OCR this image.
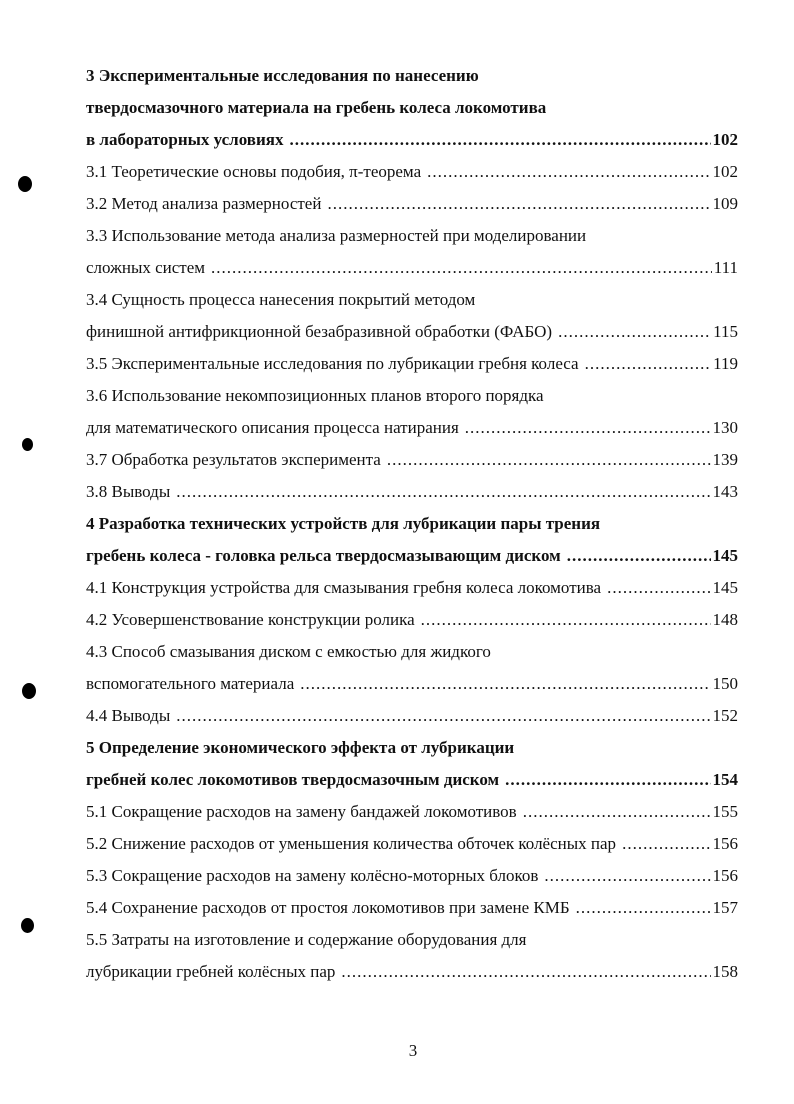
3 Экспериментальные исследования по нанесению
твердосмазочного материала на гребень колеса локомотива
в лабораторных условиях .....	102
3.1 Теоретические основы подобия, π-теорема .....	102
3.2 Метод анализа размерностей .....	109
3.3 Использование метода анализа размерностей при моделировании
сложных систем .....	111
3.4 Сущность процесса нанесения покрытий методом
финишной антифрикционной безабразивной обработки (ФАБО) .....	115
3.5 Экспериментальные исследования по лубрикации гребня колеса .....	119
3.6 Использование некомпозиционных планов второго порядка
для математического описания процесса натирания .....	130
3.7 Обработка результатов эксперимента .....	139
3.8 Выводы .....	143
4 Разработка технических устройств для лубрикации пары трения
гребень колеса - головка рельса твердосмазывающим диском .....	145
4.1 Конструкция устройства для смазывания гребня колеса локомотива .....	145
4.2 Усовершенствование конструкции ролика .....	148
4.3 Способ смазывания диском с емкостью для жидкого
вспомогательного материала .....	150
4.4 Выводы .....	152
5 Определение экономического эффекта от лубрикации
гребней колес локомотивов твердосмазочным диском .....	154
5.1 Сокращение расходов на замену бандажей локомотивов .....	155
5.2 Снижение расходов от уменьшения количества обточек колёсных пар .....	156
5.3 Сокращение расходов на замену колёсно-моторных блоков .....	156
5.4 Сохранение расходов от простоя локомотивов при замене КМБ .....	157
5.5 Затраты на изготовление и содержание оборудования для
лубрикации гребней колёсных пар .....	158
3
